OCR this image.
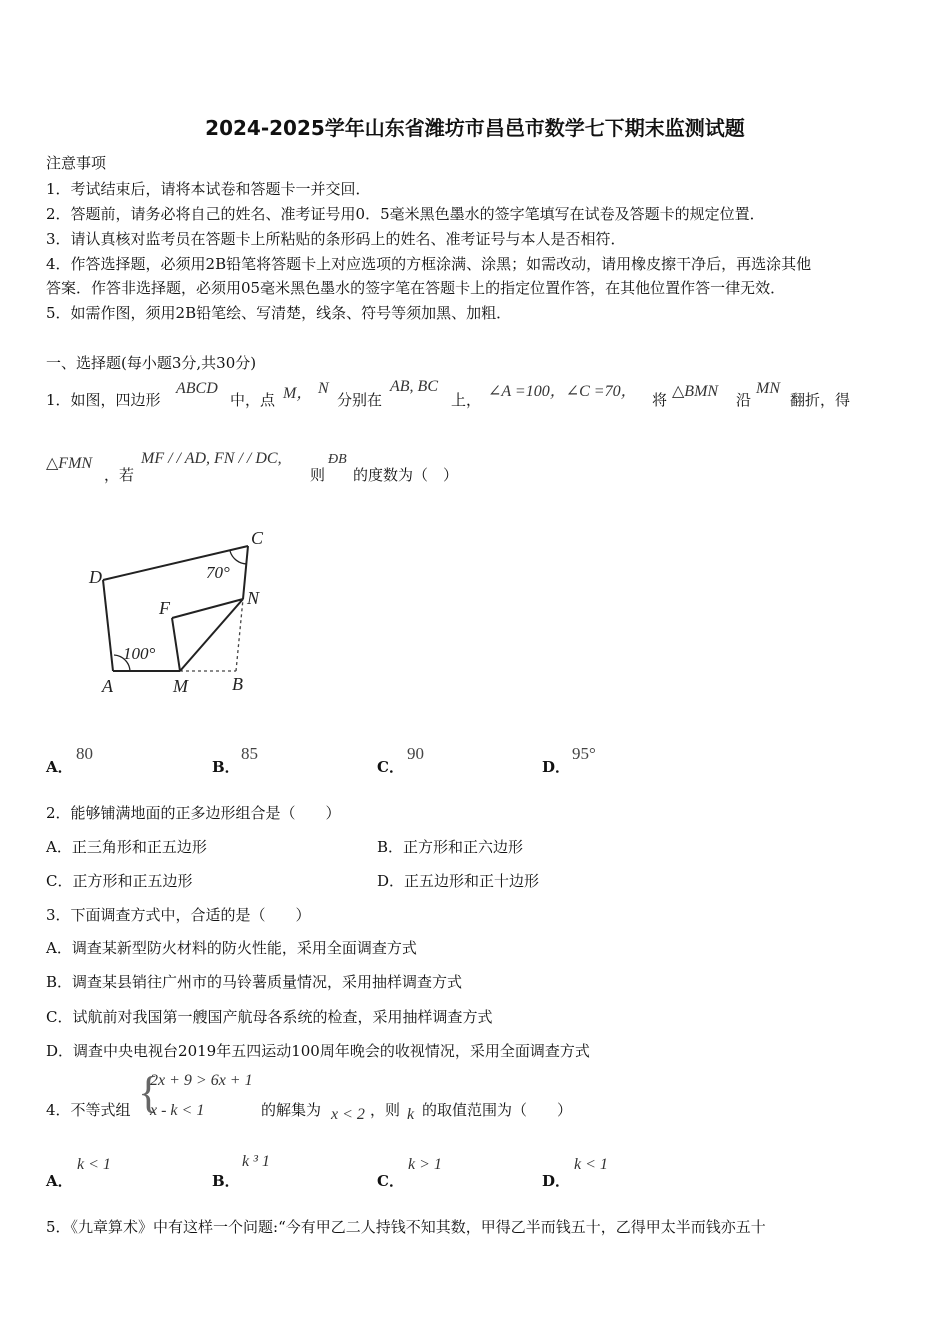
2024-2025学年山东省潍坊市昌邑市数学七下期末监测试题
注意事项
1．考试结束后，请将本试卷和答题卡一并交回．
2．答题前，请务必将自己的姓名、准考证号用0．5毫米黑色墨水的签字笔填写在试卷及答题卡的规定位置．
3．请认真核对监考员在答题卡上所粘贴的条形码上的姓名、准考证号与本人是否相符．
4．作答选择题，必须用2B铅笔将答题卡上对应选项的方框涂满、涂黑；如需改动，请用橡皮擦干净后，再选涂其他
答案．作答非选择题，必须用05毫米黑色墨水的签字笔在答题卡上的指定位置作答，在其他位置作答一律无效．
5．如需作图，须用2B铅笔绘、写清楚，线条、符号等须加黑、加粗．
一、选择题(每小题3分,共30分)
1．如图，四边形
ABCD
中，点 M， N
分别在
AB, BC
上， ∠A =100，∠C =70， 将 △BMN 沿
MN
翻折，得
△FMN
，若
MF / / AD, FN / / DC,
则
ÐB
的度数为（　）
D
C
N
F
A	M B
70°
100°
A．
80
B．
85
C．
90
D．
95°
2．能够铺满地面的正多边形组合是（　　）
A．正三角形和正五边形	B．正方形和正六边形
C．正方形和正五边形	D．正五边形和正十边形
3．下面调查方式中，合适的是（　　）
A．调查某新型防火材料的防火性能，采用全面调查方式
B．调查某县销往广州市的马铃薯质量情况，采用抽样调查方式
C．试航前对我国第一艘国产航母各系统的检查，采用抽样调查方式
D．调查中央电视台2019年五四运动100周年晚会的收视情况，采用全面调查方式
4．不等式组 {
2x + 9 > 6x + 1
x - k < 1	的解集为 x < 2 ，则 k 的取值范围为（　　）
A．
k < 1
B．
k ³ 1
C．
k > 1
D．
k < 1
5．《九章算术》中有这样一个问题:“今有甲乙二人持钱不知其数，甲得乙半而钱五十，乙得甲太半而钱亦五十
